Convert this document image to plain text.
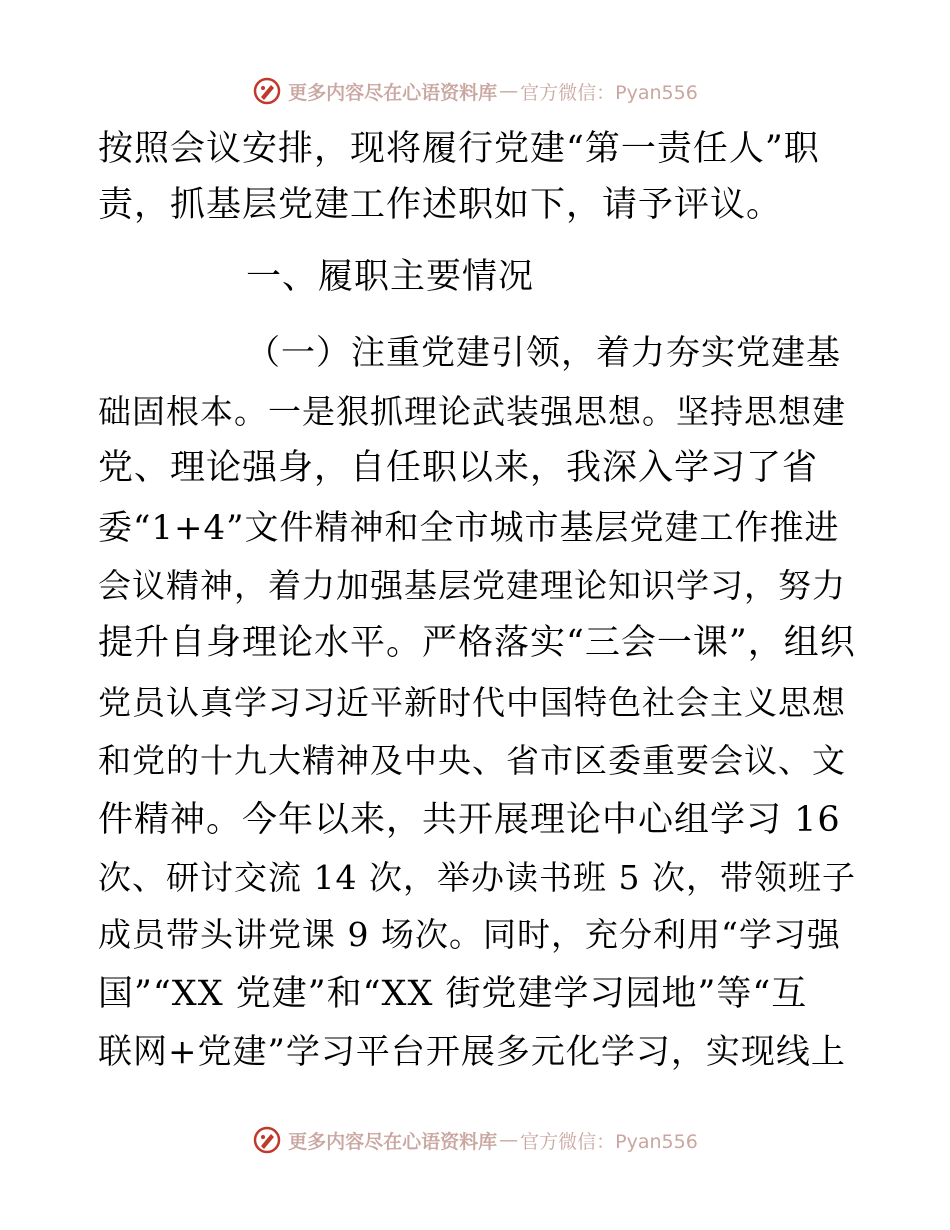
更多内容尽在心语资料库 — 官方微信：Pyan556
按照会议安排，现将履行党建“第一责任人”职
责，抓基层党建工作述职如下，请予评议。
一、履职主要情况
（一）注重党建引领，着力夯实党建基
础固根本。一是狠抓理论武装强思想。坚持思想建
党、理论强身，自任职以来，我深入学习了省
委“1+4”文件精神和全市城市基层党建工作推进
会议精神，着力加强基层党建理论知识学习，努力
提升自身理论水平。严格落实“三会一课”，组织
党员认真学习习近平新时代中国特色社会主义思想
和党的十九大精神及中央、省市区委重要会议、文
件精神。今年以来，共开展理论中心组学习 16
次、研讨交流 14 次，举办读书班 5 次，带领班子
成员带头讲党课 9 场次。同时，充分利用“学习强
国”“XX 党建”和“XX 街党建学习园地”等“互
联网+党建”学习平台开展多元化学习，实现线上
更多内容尽在心语资料库 — 官方微信：Pyan556
